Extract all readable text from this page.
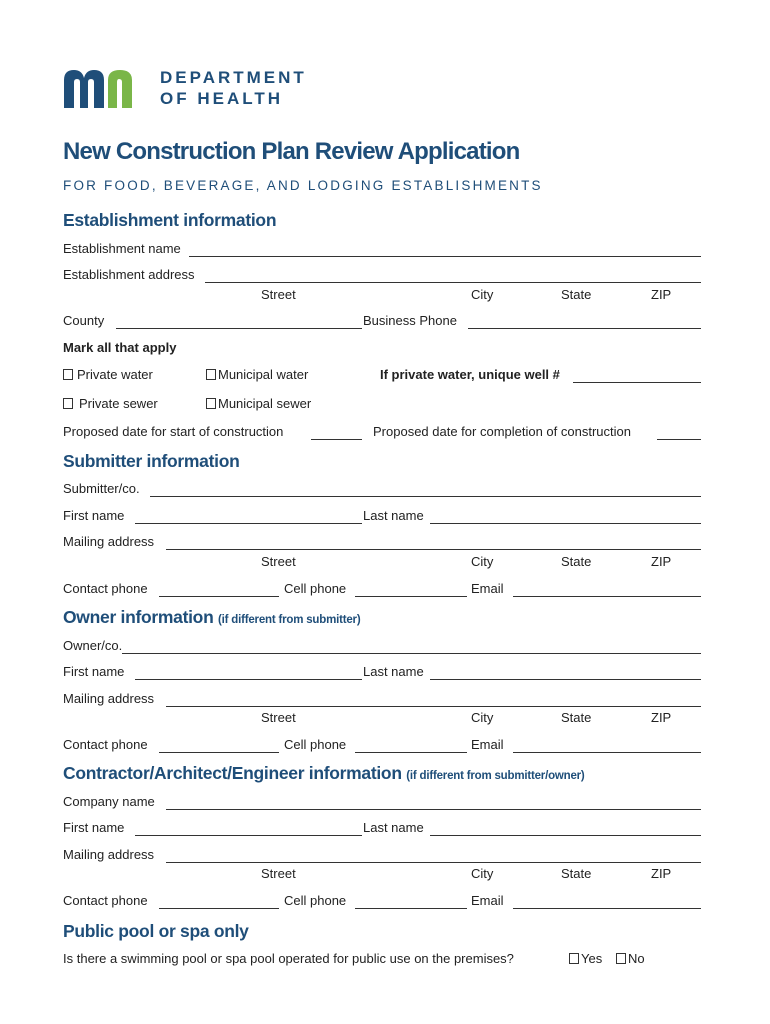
DEPARTMENT
OF HEALTH
New Construction Plan Review Application
FOR FOOD, BEVERAGE, AND LODGING ESTABLISHMENTS
Establishment information
Establishment name
Establishment address
Street	City	State	ZIP
County	Business Phone
Mark all that apply
Private water	Municipal water	If private water, unique well #
Private sewer	Municipal sewer
Proposed date for start of construction	Proposed date for completion of construction
Submitter information
Submitter/co.
First name	Last name
Mailing address
Street	City	State	ZIP
Contact phone	Cell phone	Email
Owner information (if different from submitter)
Owner/co.
First name	Last name
Mailing address
Street	City	State	ZIP
Contact phone	Cell phone	Email
Contractor/Architect/Engineer information (if different from submitter/owner)
Company name
First name	Last name
Mailing address
Street	City	State	ZIP
Contact phone	Cell phone	Email
Public pool or spa only
Is there a swimming pool or spa pool operated for public use on the premises?	Yes	No
